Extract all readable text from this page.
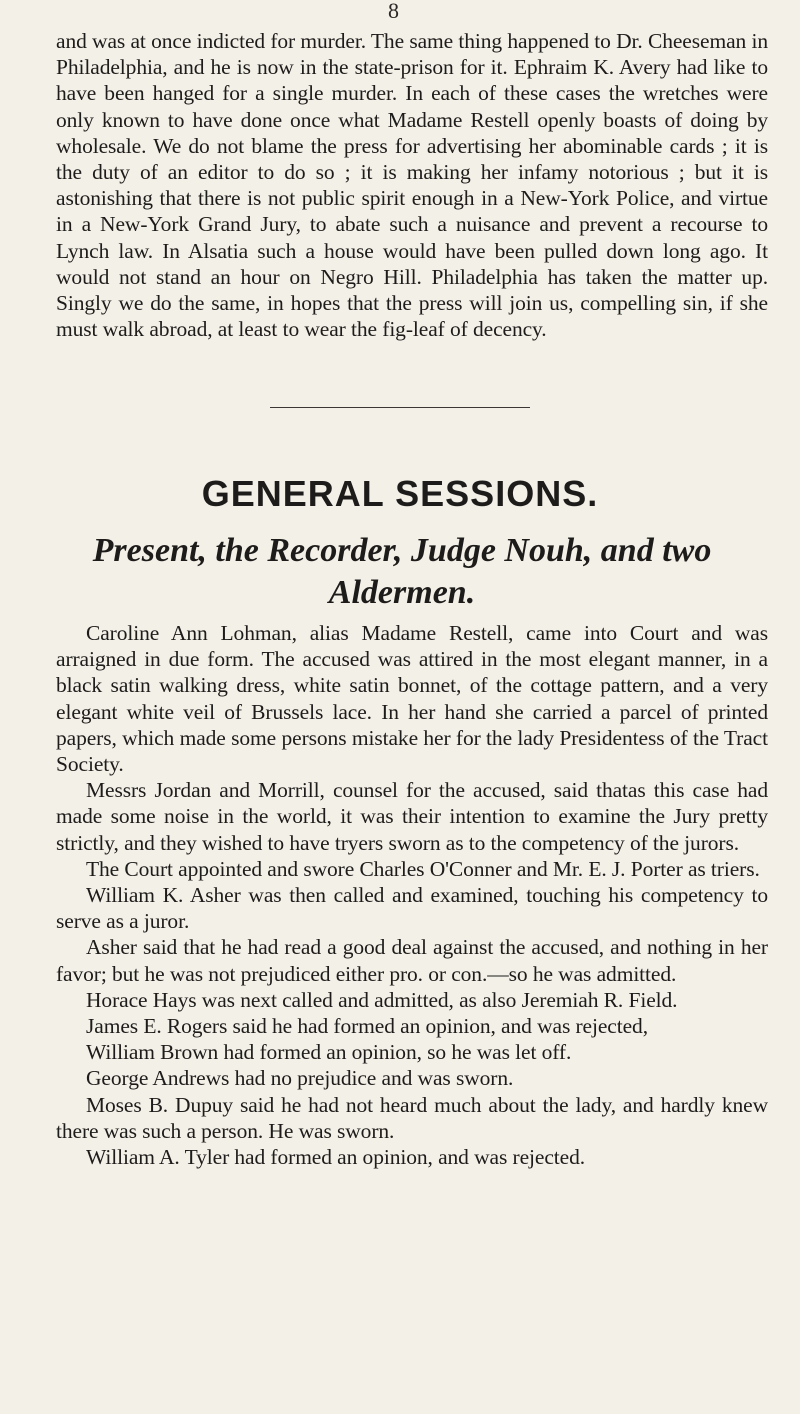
8

and was at once indicted for murder. The same thing happened to Dr. Cheeseman in Philadelphia, and he is now in the state-prison for it. Ephraim K. Avery had like to have been hanged for a single murder. In each of these cases the wretches were only known to have done once what Madame Restell openly boasts of doing by wholesale. We do not blame the press for advertising her abominable cards ; it is the duty of an editor to do so ; it is making her infamy notorious ; but it is astonishing that there is not public spirit enough in a New-York Police, and virtue in a New-York Grand Jury, to abate such a nuisance and prevent a recourse to Lynch law. In Alsatia such a house would have been pulled down long ago. It would not stand an hour on Negro Hill. Philadelphia has taken the matter up. Singly we do the same, in hopes that the press will join us, compelling sin, if she must walk abroad, at least to wear the fig-leaf of decency.

GENERAL SESSIONS.
Present, the Recorder, Judge Nouh, and two Aldermen.

Caroline Ann Lohman, alias Madame Restell, came into Court and was arraigned in due form. The accused was attired in the most elegant manner, in a black satin walking dress, white satin bonnet, of the cottage pattern, and a very elegant white veil of Brussels lace. In her hand she carried a parcel of printed papers, which made some persons mistake her for the lady Presidentess of the Tract Society.

Messrs Jordan and Morrill, counsel for the accused, said thatas this case had made some noise in the world, it was their intention to examine the Jury pretty strictly, and they wished to have tryers sworn as to the competency of the jurors.

The Court appointed and swore Charles O'Conner and Mr. E. J. Porter as triers.

William K. Asher was then called and examined, touching his competency to serve as a juror.

Asher said that he had read a good deal against the accused, and nothing in her favor; but he was not prejudiced either pro. or con.—so he was admitted.

Horace Hays was next called and admitted, as also Jeremiah R. Field.

James E. Rogers said he had formed an opinion, and was rejected,

William Brown had formed an opinion, so he was let off.

George Andrews had no prejudice and was sworn.

Moses B. Dupuy said he had not heard much about the lady, and hardly knew there was such a person. He was sworn.

William A. Tyler had formed an opinion, and was rejected.
